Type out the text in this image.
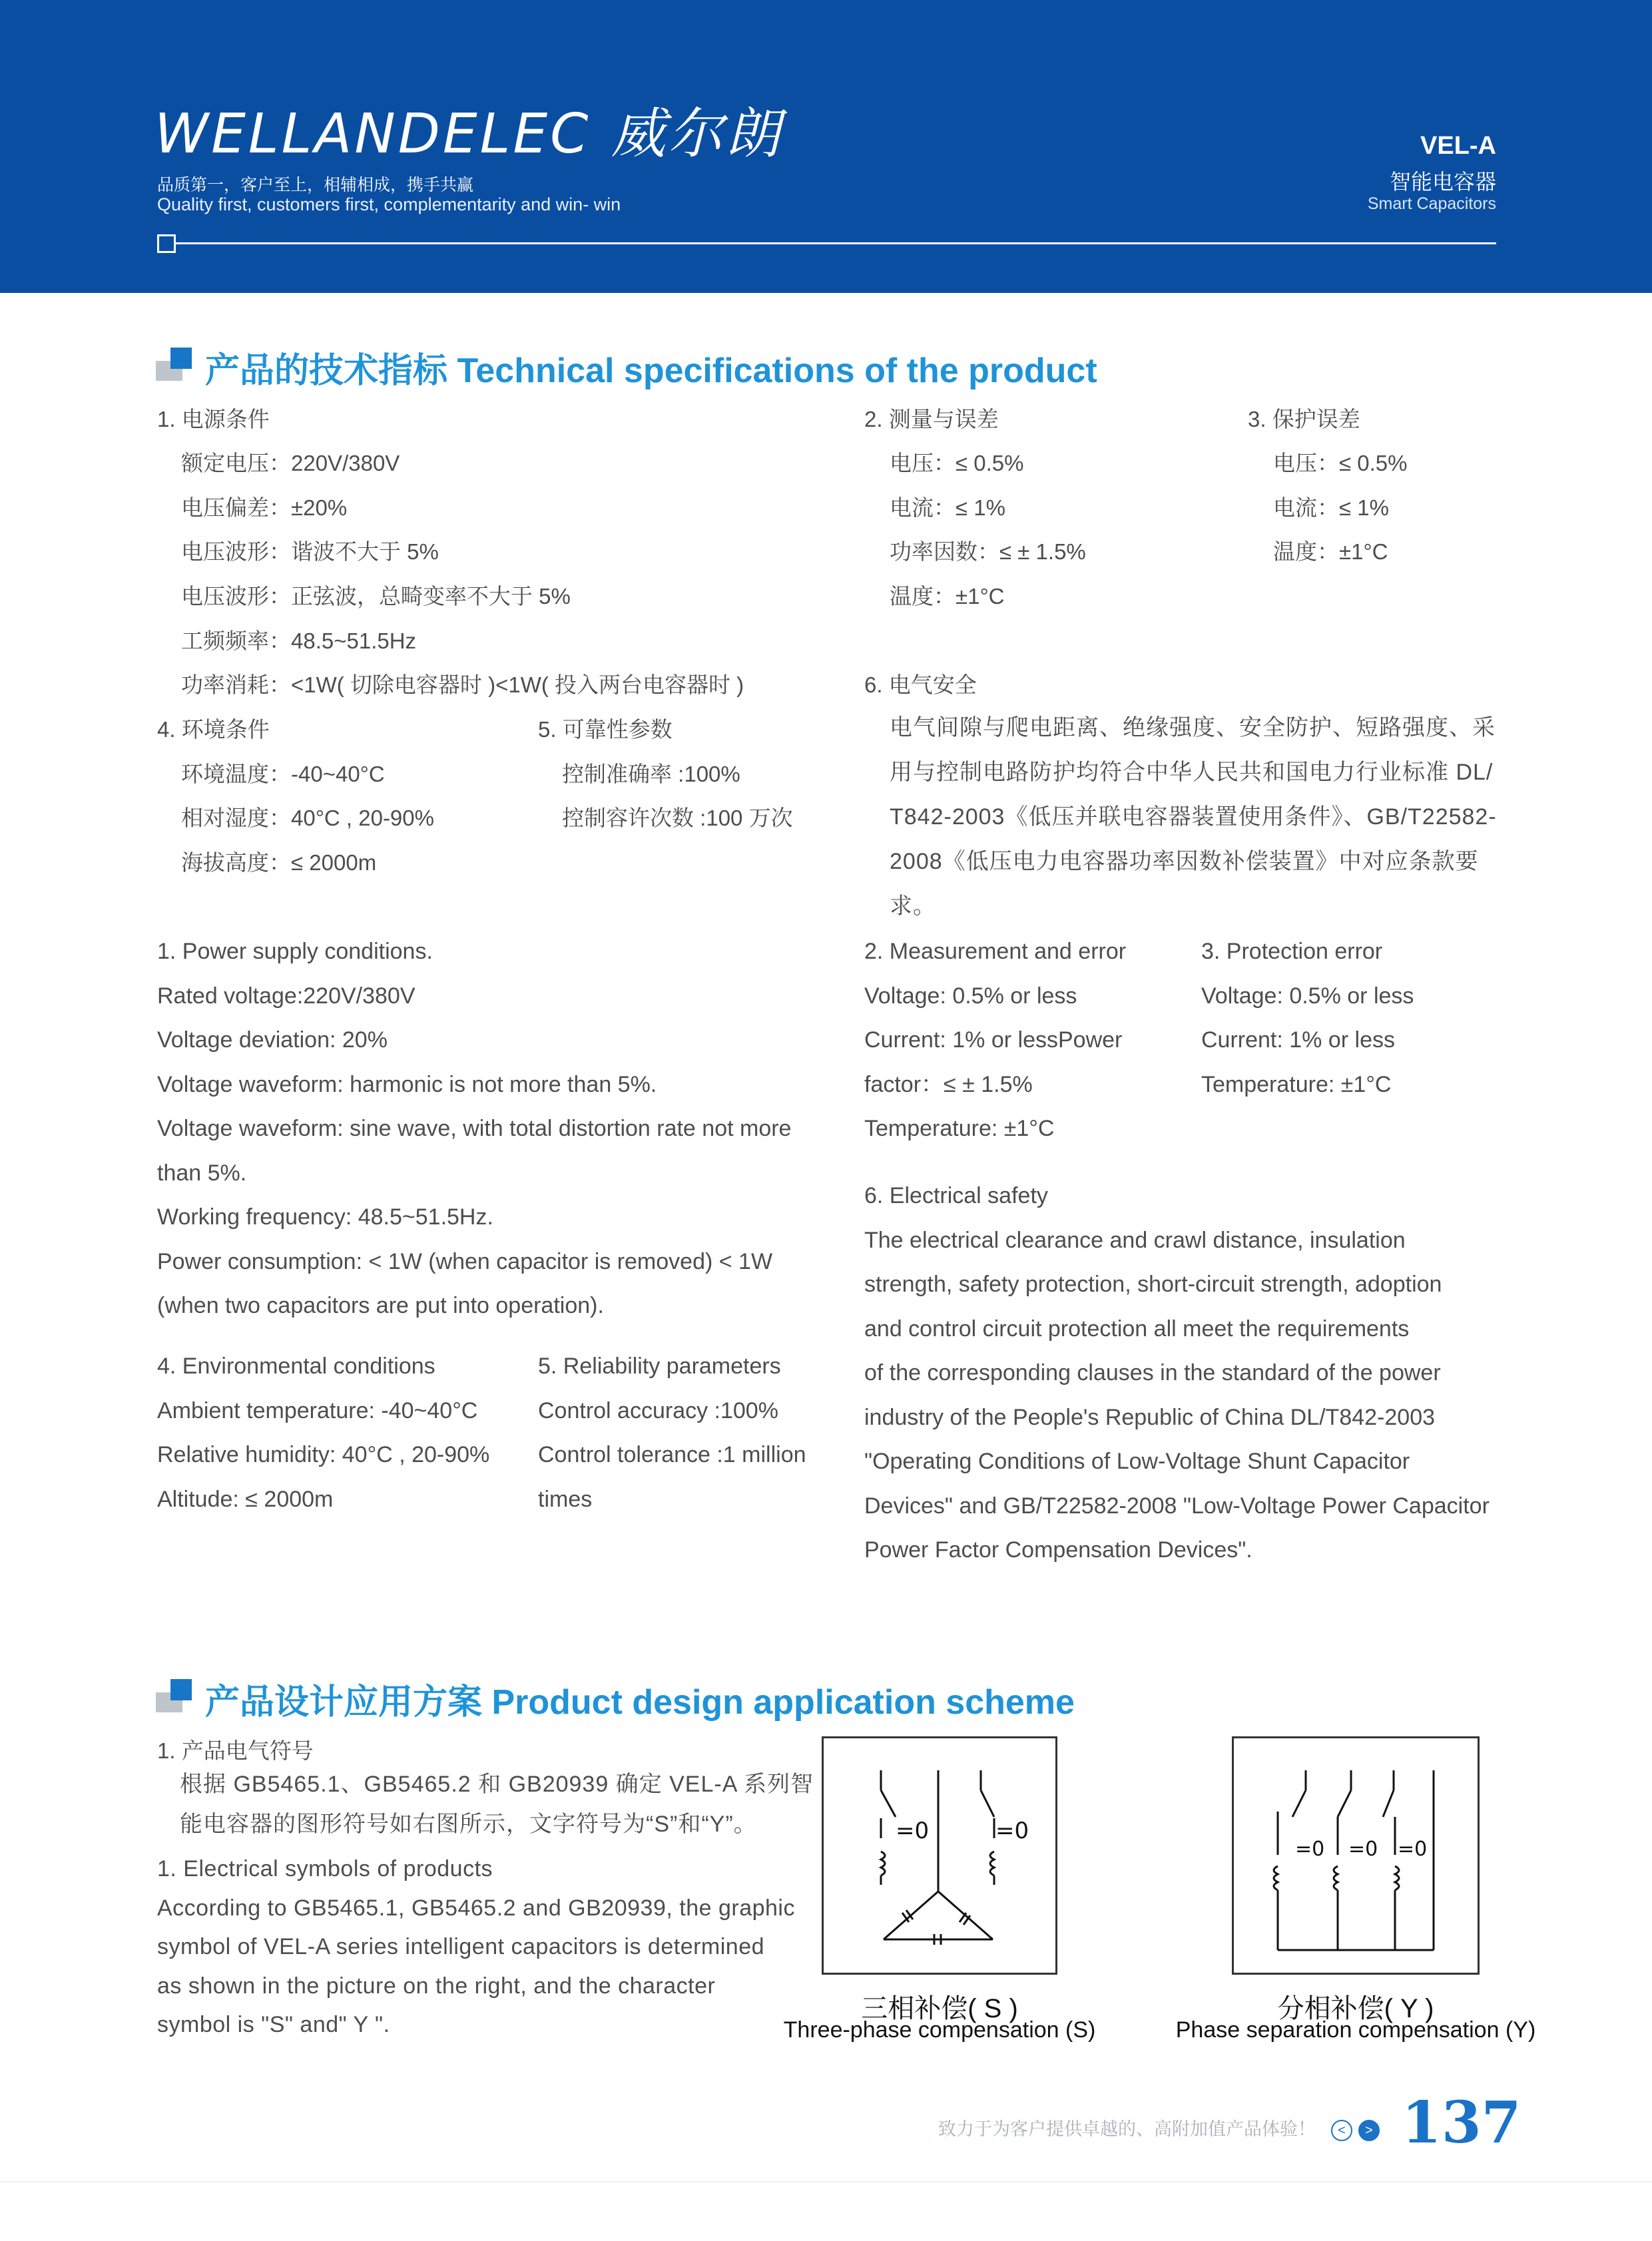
WELLANDELEC 威尔朗
品质第一，客户至上，相辅相成，携手共赢
Quality first, customers first, complementarity and win- win
VEL-A
智能电容器
Smart Capacitors
产品的技术指标 Technical specifications of the product
1. 电源条件
额定电压：220V/380V
电压偏差：±20%
电压波形：谐波不大于 5%
电压波形：正弦波，总畸变率不大于 5%
工频频率：48.5~51.5Hz
功率消耗：<1W( 切除电容器时 )<1W( 投入两台电容器时 )
2. 测量与误差
电压：≤ 0.5%
电流：≤ 1%
功率因数：≤ ± 1.5%
温度：±1°C
3. 保护误差
电压：≤ 0.5%
电流：≤ 1%
温度：±1°C
4. 环境条件
环境温度：-40~40°C
相对湿度：40°C , 20-90%
海拔高度：≤ 2000m
5. 可靠性参数
控制准确率 :100%
控制容许次数 :100 万次
6. 电气安全
电气间隙与爬电距离、绝缘强度、安全防护、短路强度、采
用与控制电路防护均符合中华人民共和国电力行业标准 DL/
T842-2003《低压并联电容器装置使用条件》、GB/T22582-
2008《低压电力电容器功率因数补偿装置》中对应条款要求。
1. Power supply conditions.
Rated voltage:220V/380V
Voltage deviation: 20%
Voltage waveform: harmonic is not more than 5%.
Voltage waveform: sine wave, with total distortion rate not more
than 5%.
Working frequency: 48.5~51.5Hz.
Power consumption: < 1W (when capacitor is removed) < 1W
(when two capacitors are put into operation).
4. Environmental conditions
Ambient temperature: -40~40°C
Relative humidity: 40°C , 20-90%
Altitude: ≤ 2000m
5. Reliability parameters
Control accuracy :100%
Control tolerance :1 million
times
2. Measurement and error
Voltage: 0.5% or less
Current: 1% or lessPower
factor：≤ ± 1.5%
Temperature: ±1°C
3. Protection error
Voltage: 0.5% or less
Current: 1% or less
Temperature: ±1°C
6. Electrical safety
The electrical clearance and crawl distance, insulation
strength, safety protection, short-circuit strength, adoption
and control circuit protection all meet the requirements
of the corresponding clauses in the standard of the power
industry of the People's Republic of China DL/T842-2003
"Operating Conditions of Low-Voltage Shunt Capacitor
Devices" and GB/T22582-2008 "Low-Voltage Power Capacitor
Power Factor Compensation Devices".
产品设计应用方案 Product design application scheme
1. 产品电气符号
根据 GB5465.1、GB5465.2 和 GB20939 确定 VEL-A 系列智
能电容器的图形符号如右图所示，文字符号为“S”和“Y”。
1. Electrical symbols of products
According to GB5465.1, GB5465.2 and GB20939, the graphic
symbol of VEL-A series intelligent capacitors is determined
as shown in the picture on the right, and the character
symbol is "S" and" Y ".
=0	=0
三相补偿( S )
Three-phase compensation (S)
=0 =0 =0
分相补偿( Y )
Phase separation compensation (Y)
致力于为客户提供卓越的、高附加值产品体验！	<	> 137
